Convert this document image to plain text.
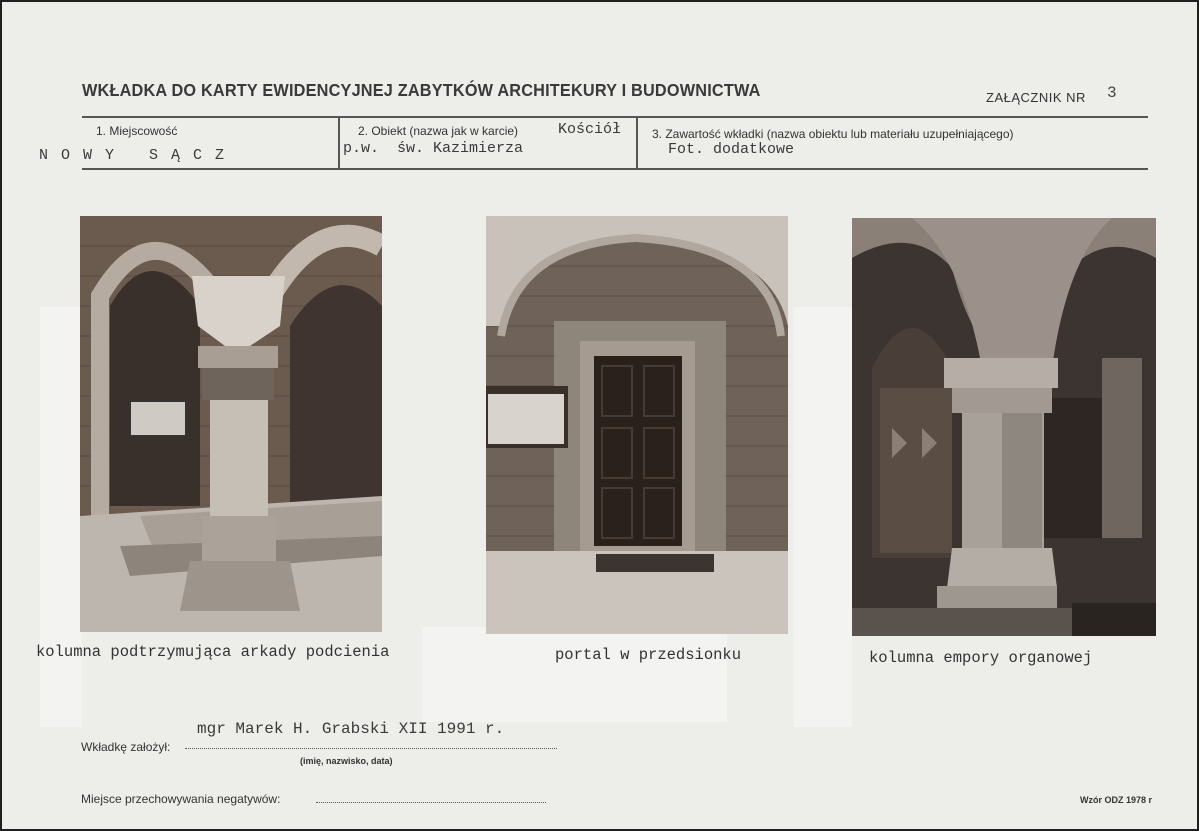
WKŁADKA DO KARTY EWIDENCYJNEJ ZABYTKÓW ARCHITEKURY I BUDOWNICTWA	ZAŁĄCZNIK NR 3
1. Miejscowość
N O W Y   S Ą C Z
2. Obiekt (nazwa jak w karcie)	Kościół
p.w.  św. Kazimierza
3. Zawartość wkładki (nazwa obiektu lub materiału uzupełniającego)
Fot. dodatkowe
kolumna podtrzymująca arkady podcienia	portal w przedsionku	kolumna empory organowej
mgr Marek H. Grabski XII 1991 r.
Wkładkę założył:
(imię, nazwisko, data)
Miejsce przechowywania negatywów:	Wzór ODZ 1978 r
